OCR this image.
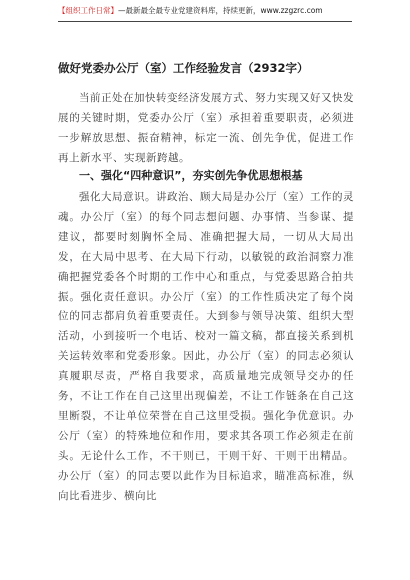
【组织工作日常】—最新最全最专业党建资料库，持续更新，www.zzgzrc.com
做好党委办公厅（室）工作经验发言（2932字）

当前正处在加快转变经济发展方式、努力实现又好又快发展的关键时期，党委办公厅（室）承担着重要职责，必须进一步解放思想、振奋精神，标定一流、创先争优，促进工作再上新水平、实现新跨越。

一、强化“四种意识”，夯实创先争优思想根基

强化大局意识。讲政治、顾大局是办公厅（室）工作的灵魂。办公厅（室）的每个同志想问题、办事情、当参谋、提建议，都要时刻胸怀全局、准确把握大局，一切从大局出发，在大局中思考、在大局下行动，以敏锐的政治洞察力准确把握党委各个时期的工作中心和重点，与党委思路合拍共振。强化责任意识。办公厅（室）的工作性质决定了每个岗位的同志都肩负着重要责任。大到参与领导决策、组织大型活动，小到接听一个电话、校对一篇文稿，都直接关系到机关运转效率和党委形象。因此，办公厅（室）的同志必须认真履职尽责，严格自我要求，高质量地完成领导交办的任务，不让工作在自己这里出现偏差，不让工作链条在自己这里断裂，不让单位荣誉在自己这里受损。强化争优意识。办公厅（室）的特殊地位和作用，要求其各项工作必须走在前头。无论什么工作，不干则已，干则干好、干则干出精品。办公厅（室）的同志要以此作为目标追求，瞄准高标准，纵向比看进步、横向比
